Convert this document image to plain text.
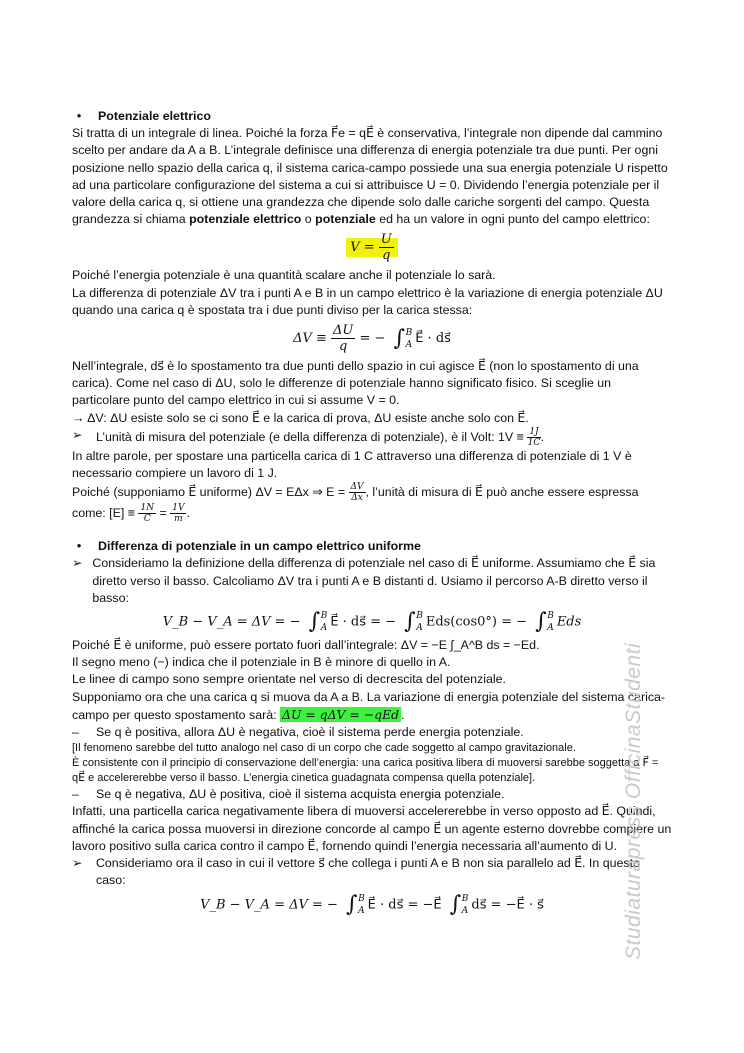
•	Potenziale elettrico

Si tratta di un integrale di linea. Poiché la forza F⃗e = qE⃗ è conservativa, l’integrale non dipende dal cammino scelto per andare da A a B. L’integrale definisce una differenza di energia potenziale tra due punti. Per ogni posizione nello spazio della carica q, il sistema carica-campo possiede una sua energia potenziale U rispetto ad una particolare configurazione del sistema a cui si attribuisce U = 0. Dividendo l’energia potenziale per il valore della carica q, si ottiene una grandezza che dipende solo dalle cariche sorgenti del campo. Questa grandezza si chiama potenziale elettrico o potenziale ed ha un valore in ogni punto del campo elettrico:

$V = \frac{U}{q}$

Poiché l’energia potenziale è una quantità scalare anche il potenziale lo sarà.

La differenza di potenziale ΔV tra i punti A e B in un campo elettrico è la variazione di energia potenziale ΔU quando una carica q è spostata tra i due punti diviso per la carica stessa:

$\Delta V \equiv \frac{\Delta U}{q}$ = − ∫ B
A E⃗ · ds⃗

Nell’integrale, ds⃗ è lo spostamento tra due punti dello spazio in cui agisce E⃗ (non lo spostamento di una carica). Come nel caso di ΔU, solo le differenze di potenziale hanno significato fisico. Si sceglie un particolare punto del campo elettrico in cui si assume V = 0.

→ ΔV: ΔU esiste solo se ci sono E⃗ e la carica di prova, ΔU esiste anche solo con E⃗.

➢ L’unità di misura del potenziale (e della differenza di potenziale), è il Volt: $1V \equiv \frac{1J}{1C}$ .

In altre parole, per spostare una particella carica di 1 C attraverso una differenza di potenziale di 1 V è necessario compiere un lavoro di 1 J.

Poiché (supponiamo E⃗ uniforme) ΔV = EΔx ⇒ $E = \frac{\Delta V}{\Delta x}$ , l’unità di misura di E⃗ può anche essere espressa come: $[E] \equiv \frac{1N}{C} = \frac{1V}{m}$ .

•	Differenza di potenziale in un campo elettrico uniforme
➢ Consideriamo la definizione della differenza di potenziale nel caso di E⃗ uniforme. Assumiamo che E⃗ sia diretto verso il basso. Calcoliamo ΔV tra i punti A e B distanti d. Usiamo il percorso A-B diretto verso il basso:
V_B − V_A = ΔV = − ∫ B
A E⃗ · ds⃗ = − ∫ B
A Eds(cos0°) = − ∫ B
A Eds

Poiché E⃗ è uniforme, può essere portato fuori dall’integrale: ΔV = −E ∫_A^B ds = −Ed.

Il segno meno (−) indica che il potenziale in B è minore di quello in A.

Le linee di campo sono sempre orientate nel verso di decrescita del potenziale.

Supponiamo ora che una carica q si muova da A a B. La variazione di energia potenziale del sistema carica-campo per questo spostamento sarà: ΔU = qΔV = −qEd .

–	Se q è positiva, allora ΔU è negativa, cioè il sistema perde energia potenziale.

[Il fenomeno sarebbe del tutto analogo nel caso di un corpo che cade soggetto al campo gravitazionale.

È consistente con il principio di conservazione dell’energia: una carica positiva libera di muoversi sarebbe soggetta a F⃗ = qE⃗ e accelererebbe verso il basso. L’energia cinetica guadagnata compensa quella potenziale].

–	Se q è negativa, ΔU è positiva, cioè il sistema acquista energia potenziale.

Infatti, una particella carica negativamente libera di muoversi accelererebbe in verso opposto ad E⃗. Quindi, affinché la carica possa muoversi in direzione concorde al campo E⃗ un agente esterno dovrebbe compiere un lavoro positivo sulla carica contro il campo E⃗, fornendo quindi l’energia necessaria all’aumento di U.

➢ Consideriamo ora il caso in cui il vettore s⃗ che collega i punti A e B non sia parallelo ad E⃗. In questo caso:
V_B − V_A = ΔV = − ∫ B
A E⃗ · ds⃗ = −E⃗ ∫ B
A ds⃗ = −E⃗ · s⃗	Studiaturapress OfficinaStudenti
